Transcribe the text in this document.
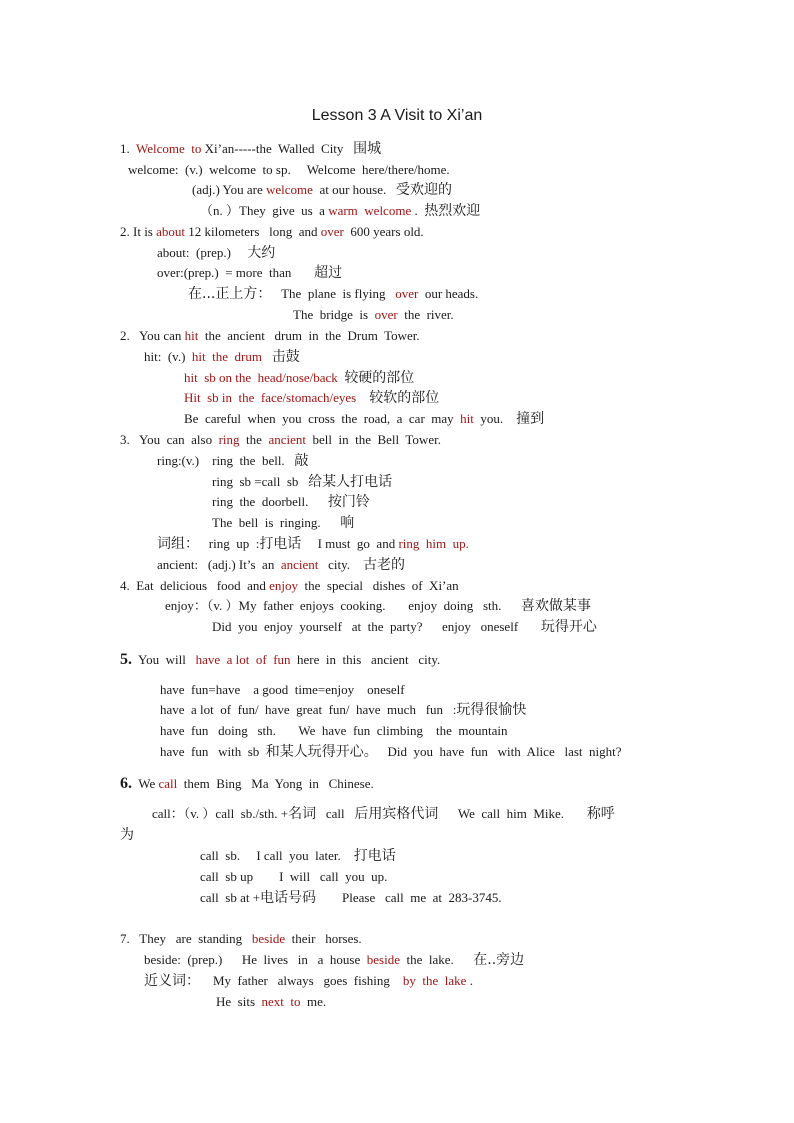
Lesson 3 A Visit to Xi’an
1.  Welcome  to Xi’an-----the  Walled  City   围城
welcome:  (v.)  welcome  to sp.     Welcome  here/there/home.
(adj.) You are welcome  at our house.   受欢迎的
（n. ）They  give  us  a warm  welcome .  热烈欢迎
2. It is about 12 kilometers   long  and over  600 years old.
about:  (prep.)     大约
over:(prep.)  = more  than       超过
在...正上方：   The  plane  is flying   over  our heads.
The  bridge  is  over  the  river.
2.   You can hit  the  ancient   drum  in  the  Drum  Tower.
hit:  (v.)  hit  the  drum 击鼓
hit  sb on the  head/nose/back 较硬的部位
Hit  sb in  the  face/stomach/eyes 较软的部位
Be  careful  when  you  cross  the  road,  a  car  may  hit  you.    撞到
3.   You  can  also  ring  the  ancient  bell  in  the  Bell  Tower.
ring:(v.)    ring  the  bell.   敲
ring  sb =call  sb   给某人打电话
ring  the  doorbell.      按门铃
The  bell  is  ringing.      响
词组：   ring  up  :打电话     I must  go  and ring  him  up.
ancient:   (adj.) It’s  an  ancient   city.    古老的
4.  Eat  delicious   food  and enjoy  the  special   dishes  of  Xi’an
enjoy：（v. ）My  father  enjoys  cooking.       enjoy  doing   sth.      喜欢做某事
Did  you  enjoy  yourself   at  the  party?      enjoy   oneself       玩得开心
5.  You  will   have  a lot  of  fun  here  in  this   ancient   city.
have  fun=have    a good  time=enjoy    oneself
have  a lot  of  fun/  have  great  fun/  have  much   fun   :玩得很愉快
have  fun   doing   sth.       We  have  fun  climbing    the  mountain
have  fun   with  sb  和某人玩得开心。   Did  you  have  fun   with  Alice   last  night?
6.  We call  them  Bing   Ma  Yong  in   Chinese.
call：（v. ）call  sb./sth. +名词   call   后用宾格代词      We  call  him  Mike.       称呼
为
call  sb.     I call  you  later.    打电话
call  sb up        I  will   call  you  up.
call  sb at +电话号码        Please   call  me  at  283-3745.
7.   They   are  standing   beside  their   horses.
beside:  (prep.)      He  lives   in   a  house  beside  the  lake.      在..旁边
近义词：    My  father   always   goes  fishing    by  the  lake .
He  sits  next  to  me.
